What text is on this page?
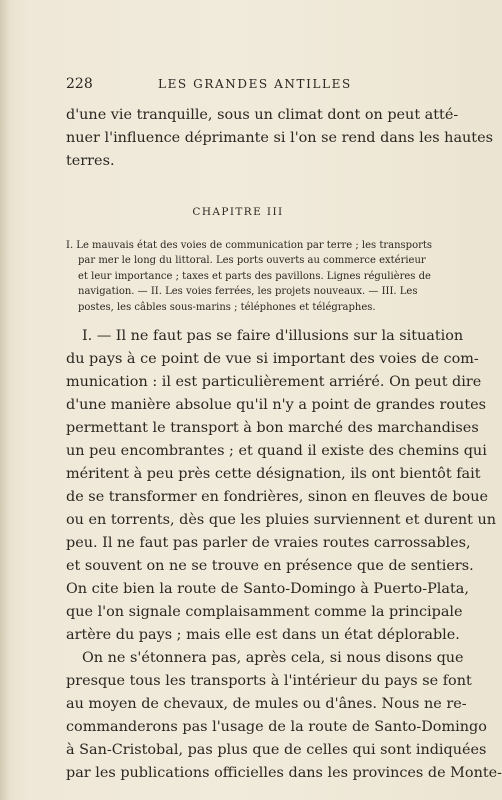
228	LES GRANDES ANTILLES
d'une vie tranquille, sous un climat dont on peut atté-
nuer l'influence déprimante si l'on se rend dans les hautes
terres.
CHAPITRE III
I. Le mauvais état des voies de communication par terre ; les transports
par mer le long du littoral. Les ports ouverts au commerce extérieur
et leur importance ; taxes et parts des pavillons. Lignes régulières de
navigation. — II. Les voies ferrées, les projets nouveaux. — III. Les
postes, les câbles sous-marins ; téléphones et télégraphes.
I. — Il ne faut pas se faire d'illusions sur la situation
du pays à ce point de vue si important des voies de com-
munication : il est particulièrement arriéré. On peut dire
d'une manière absolue qu'il n'y a point de grandes routes
permettant le transport à bon marché des marchandises
un peu encombrantes ; et quand il existe des chemins qui
méritent à peu près cette désignation, ils ont bientôt fait
de se transformer en fondrières, sinon en fleuves de boue
ou en torrents, dès que les pluies surviennent et durent un
peu. Il ne faut pas parler de vraies routes carrossables,
et souvent on ne se trouve en présence que de sentiers.
On cite bien la route de Santo-Domingo à Puerto-Plata,
que l'on signale complaisamment comme la principale
artère du pays ; mais elle est dans un état déplorable.
On ne s'étonnera pas, après cela, si nous disons que
presque tous les transports à l'intérieur du pays se font
au moyen de chevaux, de mules ou d'ânes. Nous ne re-
commanderons pas l'usage de la route de Santo-Domingo
à San-Cristobal, pas plus que de celles qui sont indiquées
par les publications officielles dans les provinces de Monte-
